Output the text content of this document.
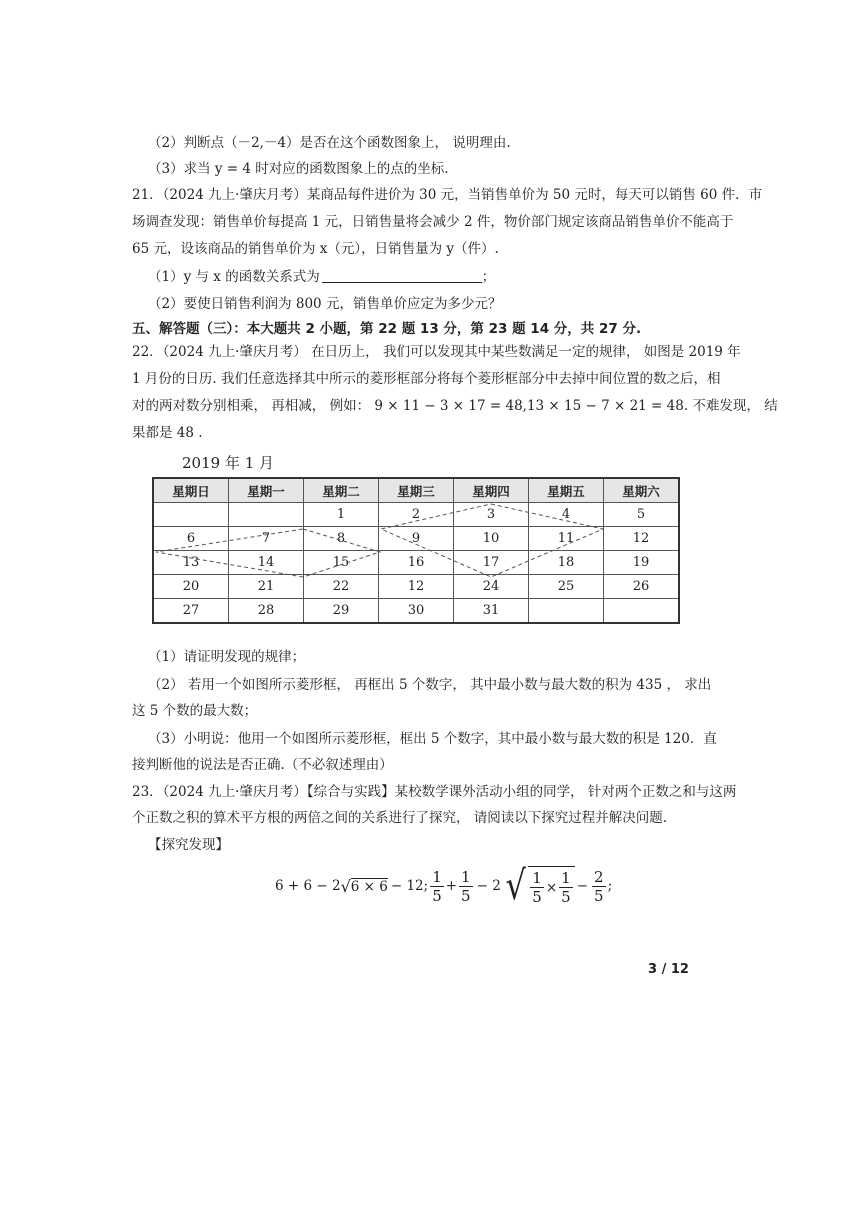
（2）判断点（－2,－4）是否在这个函数图象上， 说明理由.
（3）求当 y = 4 时对应的函数图象上的点的坐标.
21．（2024 九上·肇庆月考）某商品每件进价为 30 元，当销售单价为 50 元时，每天可以销售 60 件．市
场调查发现：销售单价每提高 1 元，日销售量将会减少 2 件，物价部门规定该商品销售单价不能高于
65 元，设该商品的销售单价为 x（元），日销售量为 y（件）.
（1）y 与 x 的函数关系式为	；
（2）要使日销售利润为 800 元，销售单价应定为多少元？
五、解答题（三）：本大题共 2 小题，第 22 题 13 分，第 23 题 14 分，共 27 分.
22．（2024 九上·肇庆月考） 在日历上， 我们可以发现其中某些数满足一定的规律， 如图是 2019 年
1 月份的日历. 我们任意选择其中所示的菱形框部分将每个菱形框部分中去掉中间位置的数之后，相
对的两对数分别相乘， 再相减， 例如： 9 × 11 − 3 × 17 = 48,13 × 15 − 7 × 21 = 48. 不难发现， 结
果都是 48 .
2019 年 1 月
星期日	星期一	星期二	星期三	星期四	星期五	星期六
		1	2	3	4	5
6	7	8	9	10	11	12
13	14	15	16	17	18	19
20	21	22	12	24	25	26
27	28	29	30	31		
（1）请证明发现的规律；
（2） 若用一个如图所示菱形框， 再框出 5 个数字， 其中最小数与最大数的积为 435 ， 求出
这 5 个数的最大数；
（3）小明说：他用一个如图所示菱形框，框出 5 个数字，其中最小数与最大数的积是 120．直
接判断他的说法是否正确.（不必叙述理由）
23．（2024 九上·肇庆月考）【综合与实践】某校数学课外活动小组的同学， 针对两个正数之和与这两
个正数之积的算术平方根的两倍之间的关系进行了探究， 请阅读以下探究过程并解决问题.
【探究发现】
6 + 6 − 2 √ 6 × 6 − 12; $\frac{1}{5} + \frac{1}{5} - 2$ √ $\frac{1}{5} \times \frac{1}{5} - \frac{2}{5}$ ;
3 / 12
